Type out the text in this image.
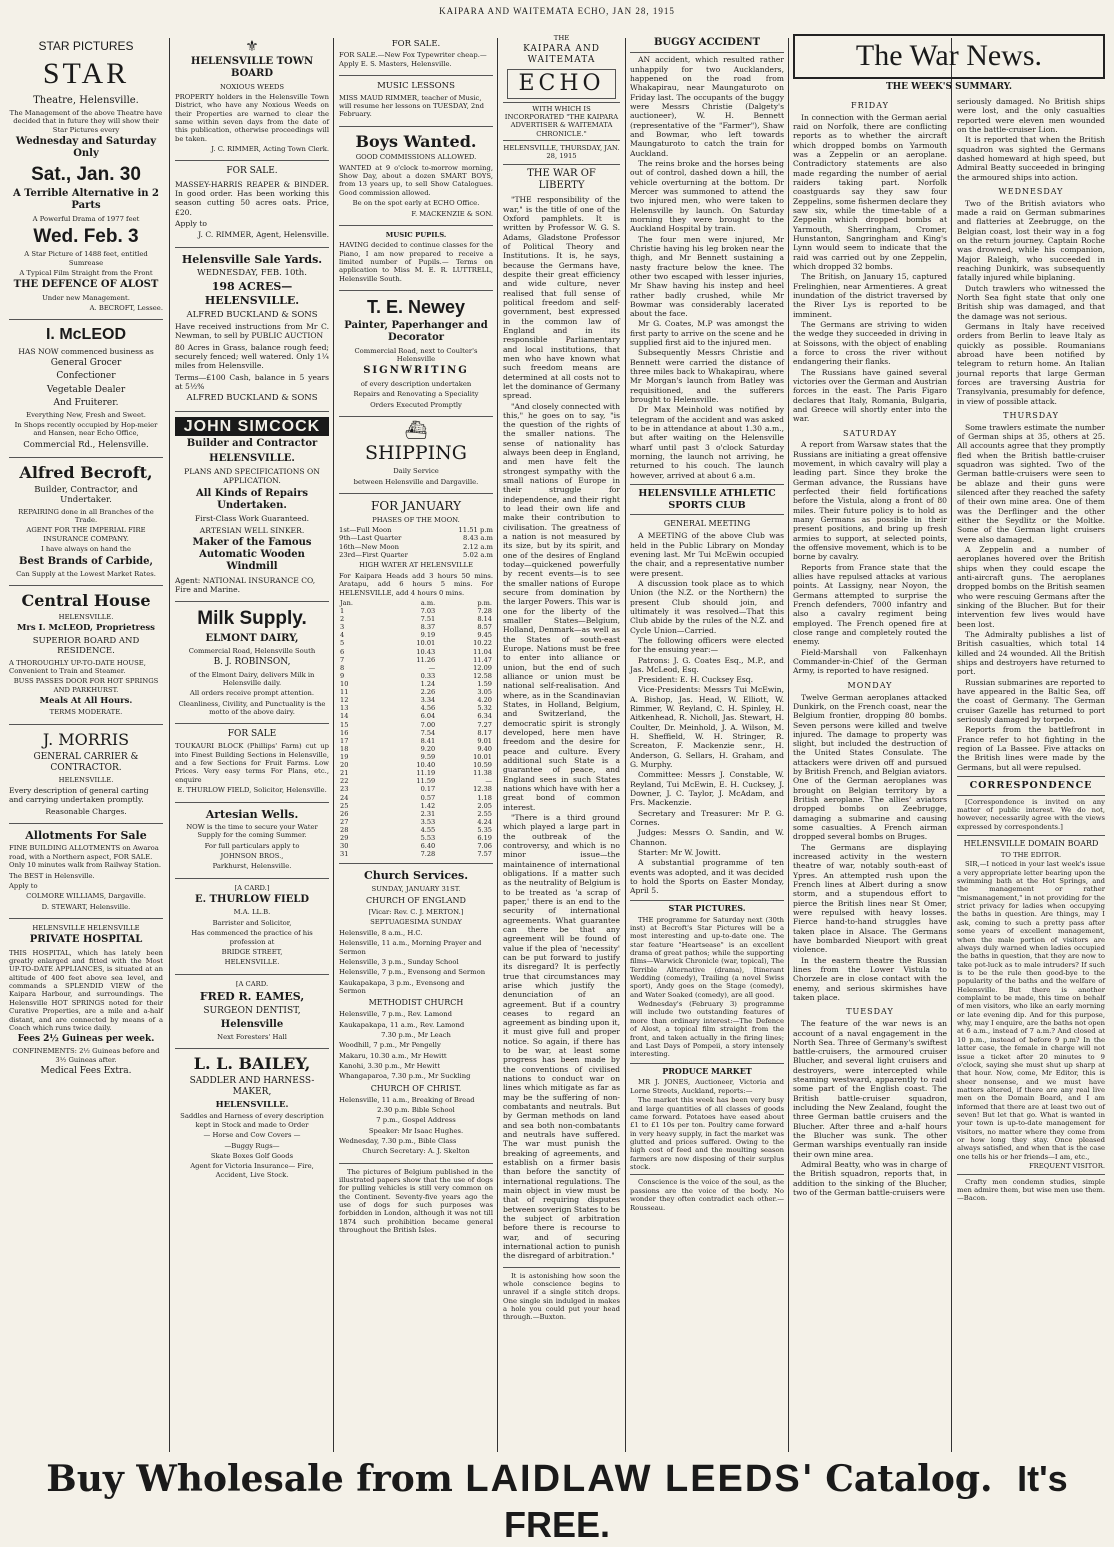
KAIPARA AND WAITEMATA ECHO, JAN 28, 1915

STAR PICTURES

STAR

Theatre, Helensville.

The Management of the above Theatre have decided that in future they will show their Star Pictures every

Wednesday and Saturday Only

Sat., Jan. 30

A Terrible Alternative in 2 Parts

A Powerful Drama of 1977 feet

Wed. Feb. 3

A Star Picture of 1488 feet, entitled Sumrease

A Typical Film Straight from the Front

THE DEFENCE OF ALOST

Under new Management.

A. BECROFT, Lessee.

I. McLEOD

HAS NOW commenced business as

General Grocer

Confectioner

Vegetable Dealer

And Fruiterer.

Everything New, Fresh and Sweet.

In Shops recently occupied by Hop-meier and Hansen, near Echo Office,

Commercial Rd., Helensville.

Alfred Becroft,

Builder, Contractor, and Undertaker.

REPAIRING done in all Branches of the Trade.

AGENT FOR THE IMPERIAL FIRE INSURANCE COMPANY.

I have always on hand the

Best Brands of Carbide,

Can Supply at the Lowest Market Rates.

Central House

HELENSVILLE.

Mrs I. McLEOD, Proprietress

SUPERIOR BOARD AND RESIDENCE.

A THOROUGHLY UP-TO-DATE HOUSE, Convenient to Train and Steamer.

BUSS PASSES DOOR FOR HOT SPRINGS AND PARKHURST.

Meals At All Hours.

TERMS MODERATE.

J. MORRIS

GENERAL CARRIER & CONTRACTOR.

HELENSVILLE.

Every description of general carting and carrying undertaken promptly.

Reasonable Charges.

Allotments For Sale

FINE BUILDING ALLOTMENTS on Awaroa road, with a Northern aspect, FOR SALE. Only 10 minutes walk from Railway Station.

The BEST in Helensville.

Apply to

COLMORE WILLIAMS, Dargaville.

D. STEWART, Helensville.

HELENSVILLE HELENSVILLE

PRIVATE HOSPITAL

THIS HOSPITAL, which has lately been greatly enlarged and fitted with the Most UP-TO-DATE APPLIANCES, is situated at an altitude of 400 feet above sea level, and commands a SPLENDID VIEW of the Kaipara Harbour, and surroundings. The Helensville HOT SPRINGS noted for their Curative Properties, are a mile and a-half distant, and are connected by means of a Coach which runs twice daily.

Fees 2½ Guineas per week.

CONFINEMENTS: 2½ Guineas before and 3½ Guineas after.

Medical Fees Extra.

⚜

HELENSVILLE TOWN BOARD

NOXIOUS WEEDS

PROPERTY holders in the Helensville Town District, who have any Noxious Weeds on their Properties are warned to clear the same within seven days from the date of this publication, otherwise proceedings will be taken.

J. C. RIMMER, Acting Town Clerk.

FOR SALE.

MASSEY-HARRIS REAPER & BINDER. In good order. Has been working this season cutting 50 acres oats. Price, £20.

Apply to

J. C. RIMMER, Agent, Helensville.

Helensville Sale Yards.

WEDNESDAY, FEB. 10th.

198 ACRES—HELENSVILLE.

ALFRED BUCKLAND & SONS

Have received instructions from Mr C. Newman, to sell by PUBLIC AUCTION

80 Acres in Grass, balance rough feed; securely fenced; well watered. Only 1¼ miles from Helensville.

Terms—£100 Cash, balance in 5 years at 5½%

ALFRED BUCKLAND & SONS

JOHN SIMCOCK

Builder and Contractor

HELENSVILLE.

PLANS AND SPECIFICATIONS ON APPLICATION.

All Kinds of Repairs Undertaken.

First-Class Work Guaranteed.

ARTESIAN WELL SINKER.

Maker of the Famous Automatic Wooden Windmill

Agent: NATIONAL INSURANCE CO, Fire and Marine.

Milk Supply.

ELMONT DAIRY,

Commercial Road, Helensville South

B. J. ROBINSON,

of the Elmont Dairy, delivers Milk in Helensville daily.

All orders receive prompt attention.

Cleanliness, Civility, and Punctuality is the motto of the above dairy.

FOR SALE

TOUKAURI BLOCK (Phillips' Farm) cut up into Finest Building Sections in Helensville, and a few Sections for Fruit Farms. Low Prices. Very easy terms For Plans, etc., enquire

E. THURLOW FIELD, Solicitor, Helensville.

Artesian Wells.

NOW is the time to secure your Water Supply for the coming Summer.

For full particulars apply to

JOHNSON BROS.,

Parkhurst, Helensville.

[A CARD.]

E. THURLOW FIELD

M.A. LL.B.

Barrister and Solicitor,

Has commenced the practice of his profession at

BRIDGE STREET,

HELENSVILLE.

[A CARD.

FRED R. EAMES,

SURGEON DENTIST,

Helensville

Next Foresters' Hall

L. L. BAILEY,

SADDLER AND HARNESS-MAKER,

HELENSVILLE.

Saddles and Harness of every description kept in Stock and made to Order

— Horse and Cow Covers —

—Buggy Rugs—

Skate Boxes Golf Goods

Agent for Victoria Insurance— Fire, Accident, Live Stock.

FOR SALE.

FOR SALE.—New Fox Typewriter cheap.—Apply E. S. Masters, Helensville.

MUSIC LESSONS

MISS MAUD RIMMER, teacher of Music, will resume her lessons on TUESDAY, 2nd February.

Boys Wanted.

GOOD COMMISSIONS ALLOWED.

WANTED at 9 o'clock to-morrow morning, Show Day, about a dozen SMART BOYS, from 13 years up, to sell Show Catalogues. Good commission allowed.

Be on the spot early at ECHO Office.

F. MACKENZIE & SON.

MUSIC PUPILS.

HAVING decided to continue classes for the Piano, I am now prepared to receive a limited number of Pupils.— Terms on application to Miss M. E. R. LUTTRELL, Helensville South.

T. E. Newey

Painter, Paperhanger and Decorator

Commercial Road, next to Coulter's Helensville

SIGNWRITING

of every description undertaken

Repairs and Renovating a Speciality

Orders Executed Promptly

⛴

SHIPPING

Daily Service

between Helensville and Dargaville.

FOR JANUARY

PHASES OF THE MOON.

1st—Full Moon	11.51 p.m
9th—Last Quarter	8.43 a.m
16th—New Moon	2.12 a.m
23rd—First Quarter	5.02 a.m

HIGH WATER AT HELENSVILLE

For Kaipara Heads add 3 hours 50 mins. Aratapu, add 6 hours 5 mins. For HELENSVILLE, add 4 hours 0 mins.

Jan.	a.m.	p.m.
1	7.03	7.28
2	7.51	8.14
3	8.37	8.57
4	9.19	9.45
5	10.01	10.22
6	10.43	11.04
7	11.26	11.47
8	—	12.09
9	0.33	12.58
10	1.24	1.59
11	2.26	3.05
12	3.34	4.20
13	4.56	5.32
14	6.04	6.34
15	7.00	7.27
16	7.54	8.17
17	8.41	9.01
18	9.20	9.40
19	9.59	10.01
20	10.40	10.59
21	11.19	11.38
22	11.59	—
23	0.17	12.38
24	0.57	1.18
25	1.42	2.05
26	2.31	2.55
27	3.53	4.24
28	4.55	5.35
29	5.53	6.19
30	6.40	7.06
31	7.28	7.57

Church Services.

SUNDAY, JANUARY 31ST.

CHURCH OF ENGLAND

[Vicar: Rev. C. J. MERTON.]

SEPTUAGESIMA SUNDAY

Helensville, 8 a.m., H.C.

Helensville, 11 a.m., Morning Prayer and Sermon

Helensville, 3 p.m., Sunday School

Helensville, 7 p.m., Evensong and Sermon

Kaukapakapa, 3 p.m., Evensong and Sermon

METHODIST CHURCH

Helensville, 7 p.m., Rev. Lamond

Kaukapakapa, 11 a.m., Rev. Lamond

7.30 p.m., Mr Leach

Woodhill, 7 p.m., Mr Pengelly

Makaru, 10.30 a.m., Mr Hewitt

Kanohi, 3.30 p.m., Mr Hewitt

Whangaparoa, 7.30 p.m., Mr Suckling

CHURCH OF CHRIST.

Helensville, 11 a.m., Breaking of Bread

2.30 p.m. Bible School

7 p.m., Gospel Address

Speaker: Mr Isaac Hughes.

Wednesday, 7.30 p.m., Bible Class

Church Secretary: A. J. Skelton

The pictures of Belgium published in the illustrated papers show that the use of dogs for pulling vehicles is still very common on the Continent. Seventy-five years ago the use of dogs for such purposes was forbidden in London, although it was not till 1874 such prohibition became general throughout the British Isles.

THE

KAIPARA AND WAITEMATA

ECHO

WITH WHICH IS INCORPORATED "THE KAIPARA ADVERTISER & WAITEMATA CHRONICLE."

HELENSVILLE, THURSDAY, JAN. 28, 1915

THE WAR OF LIBERTY

"THE responsibility of the war," is the title of one of the Oxford pamphlets. It is written by Professor W. G. S. Adams, Gladstone Professor of Political Theory and Institutions. It is, he says, because the Germans have, despite their great efficiency and wide culture, never realised that full sense of political freedom and self-government, best expressed in the common law of England and in its responsible Parliamentary and local institutions, that men who have known what such freedom means are determined at all costs not to let the dominance of Germany spread.

"And closely connected with this," he goes on to say, "is the question of the rights of the smaller nations. The sense of nationality has always been deep in England, and men have felt the strongest sympathy with the small nations of Europe in their struggle for independence, and their right to lead their own life and make their contribution to civilisation. The greatness of a nation is not measured by its size, but by its spirit, and one of the desires of England today—quickened powerfully by recent events—is to see the smaller nations of Europe secure from domination by the larger Powers. This war is one for the liberty of the smaller States—Belgium, Holland, Denmark—as well as the States of south-east Europe. Nations must be free to enter into alliance or union, but the end of such alliance or union must be national self-realisation. And where, as in the Scandinavian States, in Holland, Belgium, and Switzerland, the democratic spirit is strongly developed, here men have freedom and the desire for peace and culture. Every additional such State is a guarantee of peace, and England sees in such States nations which have with her a great bond of common interest.

"There is a third ground which played a large part in the outbreak of the controversy, and which is no minor issue—the maintainence of international obligations. If a matter such as the neutrality of Belgium is to be treated as 'a scrap of paper,' there is an end to the security of international agreements. What guarantee can there be that any agreement will be found of value if the plea of 'necessity' can be put forward to justify its disregard? It is perfectly true that circumstances may arise which justify the denunciation of an agreement. But if a country ceases to regard an agreement as binding upon it, it must give full and proper notice. So again, if there has to be war, at least some progress has been made by the conventions of civilised nations to conduct war on lines which mitigate as far as may be the suffering of non-combatants and neutrals. But by German methods on land and sea both non-combatants and neutrals have suffered. The war must punish the breaking of agreements, and establish on a firmer basis than before the sanctity of international regulations. The main object in view must be that of requiring disputes between soverign States to be the subject of arbitration before there is recourse to war, and of securing international action to punish the disregard of arbitration."

It is astonishing how soon the whole conscience begins to unravel if a single stitch drops. One single sin indulged in makes a hole you could put your head through.—Buxton.

BUGGY ACCIDENT

AN accident, which resulted rather unhappily for two Aucklanders, happened on the road from Whakapirau, near Maungaturoto on Friday last. The occupants of the buggy were Messrs Christie (Dalgety's auctioneer), W. H. Bennett (representative of the "Farmer"), Shaw and Bowmar, who left towards Maungaturoto to catch the train for Auckland.

The reins broke and the horses being out of control, dashed down a hill, the vehicle overturning at the bottom. Dr Mercer was summoned to attend the two injured men, who were taken to Helensville by launch. On Saturday morning they were brought to the Auckland Hospital by train.

The four men were injured, Mr Christie having his leg broken near the thigh, and Mr Bennett sustaining a nasty fracture below the knee. The other two escaped with lesser injuries, Mr Shaw having his instep and heel rather badly crushed, while Mr Bowmar was considerably lacerated about the face.

Mr G. Coates, M.P was amongst the first party to arrive on the scene and he supplied first aid to the injured men.

Subsequently Messrs Christie and Bennett were carried the distance of three miles back to Whakapirau, where Mr Morgan's launch from Batley was requisitioned, and the sufferers brought to Helensville.

Dr Max Meinhold was notified by telegram of the accident and was asked to be in attendance at about 1.30 a.m., but after waiting on the Helensville wharf until past 3 o'clock Saturday morning, the launch not arriving, he returned to his couch. The launch however, arrived at about 6 a.m.

HELENSVILLE ATHLETIC SPORTS CLUB

GENERAL MEETING

A MEETING of the above Club was held in the Public Library on Monday evening last. Mr Tui McEwin occupied the chair, and a representative number were present.

A discussion took place as to which Union (the N.Z. or the Northern) the present Club should join, and ultimately it was resolved—That this Club abide by the rules of the N.Z. and Cycle Union—Carried.

The following officers were elected for the ensuing year:—

Patrons: J. G. Coates Esq., M.P., and Jas. McLeod, Esq.

President: E. H. Cucksey Esq.

Vice-Presidents: Messrs Tui McEwin, A. Bishop, Jas. Head, W. Elliott, W. Rimmer, W. Reyland, C. H. Spinley, H. Aitkenhead, R. Nicholl, Jas. Stewart, H. Coulter, Dr. Meinhold, J. A. Wilson, M. H. Sheffield, W. H. Stringer, R. Screaton, F. Mackenzie senr., H. Anderson, G. Sellars, H. Graham, and G. Murphy.

Committee: Messrs J. Constable, W. Reyland, Tui McEwin, E. H. Cucksey, J. Downer, J. C. Taylor, J. McAdam, and Frs. Mackenzie.

Secretary and Treasurer: Mr P. G. Cornes.

Judges: Messrs O. Sandin, and W. Channon.

Starter: Mr W. Jowitt.

A substantial programme of ten events was adopted, and it was decided to hold the Sports on Easter Monday, April 5.

STAR PICTURES.

THE programme for Saturday next (30th inst) at Becroft's Star Pictures will be a most interesting and up-to-date one. The star feature "Heartsease" is an excellent drama of great pathos; while the supporting films—Warwick Chronicle (war, topical), The Terrible Alternative (drama), Itinerant Wedding (comedy), Trailing (a novel Swiss sport), Andy goes on the Stage (comedy), and Water Soaked (comedy), are all good.

Wednesday's (February 3) programme will include two outstanding features of more than ordinary interest:—The Defence of Alost, a topical film straight from the front, and taken actually in the firing lines; and Last Days of Pompeii, a story intensely interesting.

PRODUCE MARKET

MR J. JONES, Auctioneer, Victoria and Lorne Streets, Auckland, reports:—

The market this week has been very busy and large quantities of all classes of goods came forward. Potatoes have eased about £1 to £1 10s per ton. Poultry came forward in very heavy supply, in fact the market was glutted and prices suffered. Owing to the high cost of feed and the moulting season farmers are now disposing of their surplus stock.

Conscience is the voice of the soul, as the passions are the voice of the body. No wonder they often contradict each other.—Rousseau.

The War News.

THE WEEK'S SUMMARY.

FRIDAY

In connection with the German aerial raid on Norfolk, there are conflicting reports as to whether the aircraft which dropped bombs on Yarmouth was a Zeppelin or an aeroplane. Contradictory statements are also made regarding the number of aerial raiders taking part. Norfolk coastguards say they saw four Zeppelins, some fishermen declare they saw six, while the time-table of a Zeppelin which dropped bombs at Yarmouth, Sherringham, Cromer, Hunstanton, Sangringham and King's Lynn would seem to indicate that the raid was carried out by one Zeppelin, which dropped 32 bombs.

The British, on January 15, captured Frelinghien, near Armentieres. A great inundation of the district traversed by the River Lys is reported to be imminent.

The Germans are striving to widen the wedge they succeeded in driving in at Soissons, with the object of enabling a force to cross the river without endangering their flanks.

The Russians have gained several victories over the German and Austrian forces in the east. The Paris Figaro declares that Italy, Romania, Bulgaria, and Greece will shortly enter into the war.

SATURDAY

A report from Warsaw states that the Russians are initiating a great offensive movement, in which cavalry will play a leading part. Since they broke the German advance, the Russians have perfected their field fortifications before the Vistula, along a front of 80 miles. Their future policy is to hold as many Germans as possible in their present positions, and bring up fresh armies to support, at selected points, the offensive movement, which is to be borne by cavalry.

Reports from France state that the allies have repulsed attacks at various points. At Lassigny, near Noyon, the Germans attempted to surprise the French defenders, 7000 infantry and also a cavalry regiment being employed. The French opened fire at close range and completely routed the enemy.

Field-Marshall von Falkenhayn Commander-in-Chief of the German Army, is reported to have resigned.

MONDAY

Twelve German aeroplanes attacked Dunkirk, on the French coast, near the Belgium frontier, dropping 80 bombs. Seven persons were killed and twelve injured. The damage to property was slight, but included the destruction of the United States Consulate. The attackers were driven off and pursued by British French, and Belgian aviators. One of the German aeroplanes was brought on Belgian territory by a British aeroplane. The allies' aviators dropped bombs on Zeebrugge, damaging a submarine and causing some casualties. A French airman dropped several bombs on Bruges.

The Germans are displaying increased activity in the western theatre of war, notably south-east of Ypres. An attempted rush upon the French lines at Albert during a snow storm, and a stupendous effort to pierce the British lines near St Omer, were repulsed with heavy losses. Fierce hand-to-hand struggles have taken place in Alsace. The Germans have bombarded Nieuport with great violence.

In the eastern theatre the Russian lines from the Lower Vistula to Chorzele are in close contact with the enemy, and serious skirmishes have taken place.

TUESDAY

The feature of the war news is an account of a naval engagement in the North Sea. Three of Germany's swiftest battle-cruisers, the armoured cruiser Blucher, and several light cruisers and destroyers, were intercepted while steaming westward, apparently to raid some part of the English coast. The British battle-cruiser squadron, including the New Zealand, fought the three German battle cruisers and the Blucher. After three and a-half hours the Blucher was sunk. The other German warships eventually ran inside their own mine area.

Admiral Beatty, who was in charge of the British squadron, reports that, in addition to the sinking of the Blucher, two of the German battle-cruisers were

seriously damaged. No British ships were lost, and the only casualties reported were eleven men wounded on the battle-cruiser Lion.

It is reported that when the British squadron was sighted the Germans dashed homeward at high speed, but Admiral Beatty succeeded in bringing the armoured ships into action.

WEDNESDAY

Two of the British aviators who made a raid on German submarines and flatteries at Zeebrugge, on the Belgian coast, lost their way in a fog on the return journey. Captain Roche was drowned, while his companion, Major Raleigh, who succeeded in reaching Dunkirk, was subsequently fatally injured while biplaning.

Dutch trawlers who witnessed the North Sea fight state that only one British ship was damaged, and that the damage was not serious.

Germans in Italy have received orders from Berlin to leave Italy as quickly as possible. Roumanians abroad have been notified by telegram to return home. An Italian journal reports that large German forces are traversing Austria for Transylvania, presumably for defence, in view of possible attack.

THURSDAY

Some trawlers estimate the number of German ships at 35, others at 25. All accounts agree that they promptly fled when the British battle-cruiser squadron was sighted. Two of the German battle-cruisers were seen to be ablaze and their guns were silenced after they reached the safety of their own mine area. One of them was the Derflinger and the other either the Seydlitz or the Moltke. Some of the German light cruisers were also damaged.

A Zeppelin and a number of aeroplanes hovered over the British ships when they could escape the anti-aircraft guns. The aeroplanes dropped bombs on the British seamen who were rescuing Germans after the sinking of the Blucher. But for their intervention few lives would have been lost.

The Admiralty publishes a list of British casualties, which total 14 killed and 24 wounded. All the British ships and destroyers have returned to port.

Russian submarines are reported to have appeared in the Baltic Sea, off the coast of Germany. The German cruiser Gazelle has returned to port seriously damaged by torpedo.

Reports from the battlefront in France refer to hot fighting in the region of La Bassee. Five attacks on the British lines were made by the Germans, but all were repulsed.

CORRESPONDENCE

[Correspondence is invited on any matter of public interest. We do not, however, necessarily agree with the views expressed by correspondents.]

HELENSVILLE DOMAIN BOARD

TO THE EDITOR.

SIR,—I noticed in your last week's issue a very appropriate letter bearing upon the swimming bath at the Hot Springs, and the management or rather "mismanagement," in not providing for the strict privacy for ladies when occupying the baths in question. Are things, may I ask, coming to such a pretty pass after some years of excellent management, when the male portion of visitors are always duly warned when ladies occupied the baths in question, that they are now to take pot-luck as to male intruders? If such is to be the rule then good-bye to the popularity of the baths and the welfare of Helensville. But there is another complaint to be made, this time on behalf of men visitors, who like an early morning or late evening dip. And for this purpose, why, may I enquire, are the baths not open at 6 a.m., instead of 7 a.m.? And closed at 10 p.m., instead of before 9 p.m? In the latter case, the female in charge will not issue a ticket after 20 minutes to 9 o'clock, saying she must shut up sharp at that hour. Now, come, Mr Editor, this is sheer nonsense, and we must have matters altered, if there are any real live men on the Domain Board, and I am informed that there are at least two out of seven! But let that go. What is wanted in your town is up-to-date management for visitors, no matter where they come from or how long they stay. Once pleased always satisfied, and when that is the case one tells his or her friends—I am, etc.,

FREQUENT VISITOR.

Crafty men condemn studies, simple men admire them, but wise men use them.—Bacon.

Buy Wholesale from LAIDLAW LEEDS' Catalog. It's FREE.
